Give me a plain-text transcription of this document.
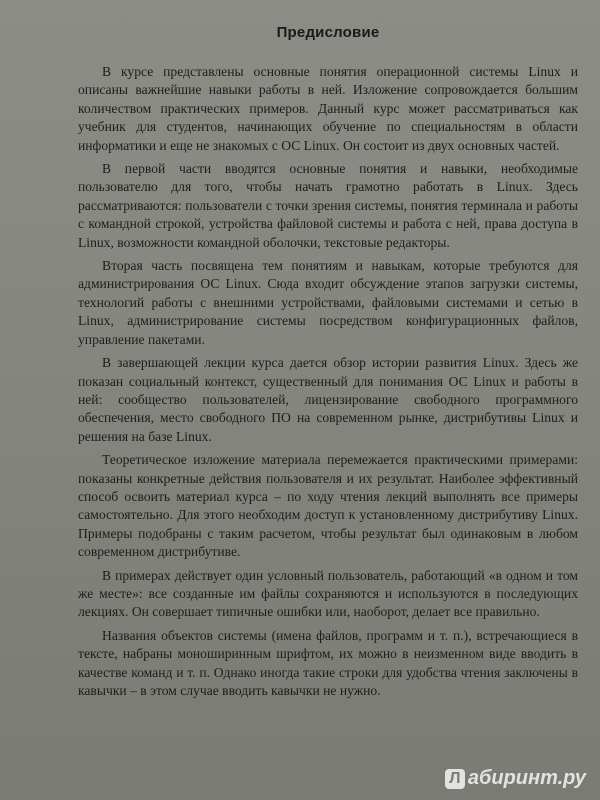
Предисловие

В курсе представлены основные понятия операционной системы Linux и описаны важнейшие навыки работы в ней. Изложение сопровождается большим количеством практических примеров. Данный курс может рассматриваться как учебник для студентов, начинающих обучение по специальностям в области информатики и еще не знакомых с ОС Linux. Он состоит из двух основных частей.

В первой части вводятся основные понятия и навыки, необходимые пользователю для того, чтобы начать грамотно работать в Linux. Здесь рассматриваются: пользователи с точки зрения системы, понятия терминала и работы с командной строкой, устройства файловой системы и работа с ней, права доступа в Linux, возможности командной оболочки, текстовые редакторы.

Вторая часть посвящена тем понятиям и навыкам, которые требуются для администрирования ОС Linux. Сюда входит обсуждение этапов загрузки системы, технологий работы с внешними устройствами, файловыми системами и сетью в Linux, администрирование системы посредством конфигурационных файлов, управление пакетами.

В завершающей лекции курса дается обзор истории развития Linux. Здесь же показан социальный контекст, существенный для понимания ОС Linux и работы в ней: сообщество пользователей, лицензирование свободного программного обеспечения, место свободного ПО на современном рынке, дистрибутивы Linux и решения на базе Linux.

Теоретическое изложение материала перемежается практическими примерами: показаны конкретные действия пользователя и их результат. Наиболее эффективный способ освоить материал курса – по ходу чтения лекций выполнять все примеры самостоятельно. Для этого необходим доступ к установленному дистрибутиву Linux. Примеры подобраны с таким расчетом, чтобы результат был одинаковым в любом современном дистрибутиве.

В примерах действует один условный пользователь, работающий «в одном и том же месте»: все созданные им файлы сохраняются и используются в последующих лекциях. Он совершает типичные ошибки или, наоборот, делает все правильно.

Названия объектов системы (имена файлов, программ и т. п.), встречающиеся в тексте, набраны моноширинным шрифтом, их можно в неизменном виде вводить в качестве команд и т. п. Однако иногда такие строки для удобства чтения заключены в кавычки – в этом случае вводить кавычки не нужно.

Л абиринт.ру
